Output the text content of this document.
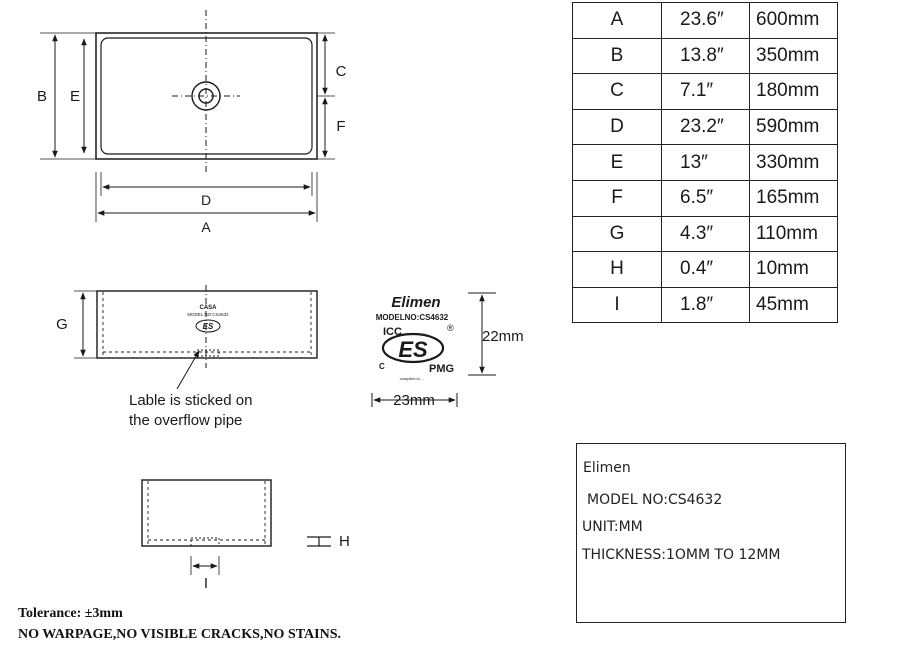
B E
C
F
D
A
G
CASA
MODEL NO:CS4632
ES
Lable is sticked on
the overflow pipe
Elimen
MODELNO:CS4632
ICC	®
ES
PMG
C
complies to ...
22mm
23mm
H
I
A	23.6″	600mm
B	13.8″	350mm
C	7.1″	180mm
D	23.2″	590mm
E	13″	330mm
F	6.5″	165mm
G	4.3″	110mm
H	0.4″	10mm
I	1.8″	45mm
Elimen
MODEL NO:CS4632
UNIT:MM
THICKNESS:1OMM TO 12MM
Tolerance: ±3mm
NO WARPAGE,NO VISIBLE CRACKS,NO STAINS.
